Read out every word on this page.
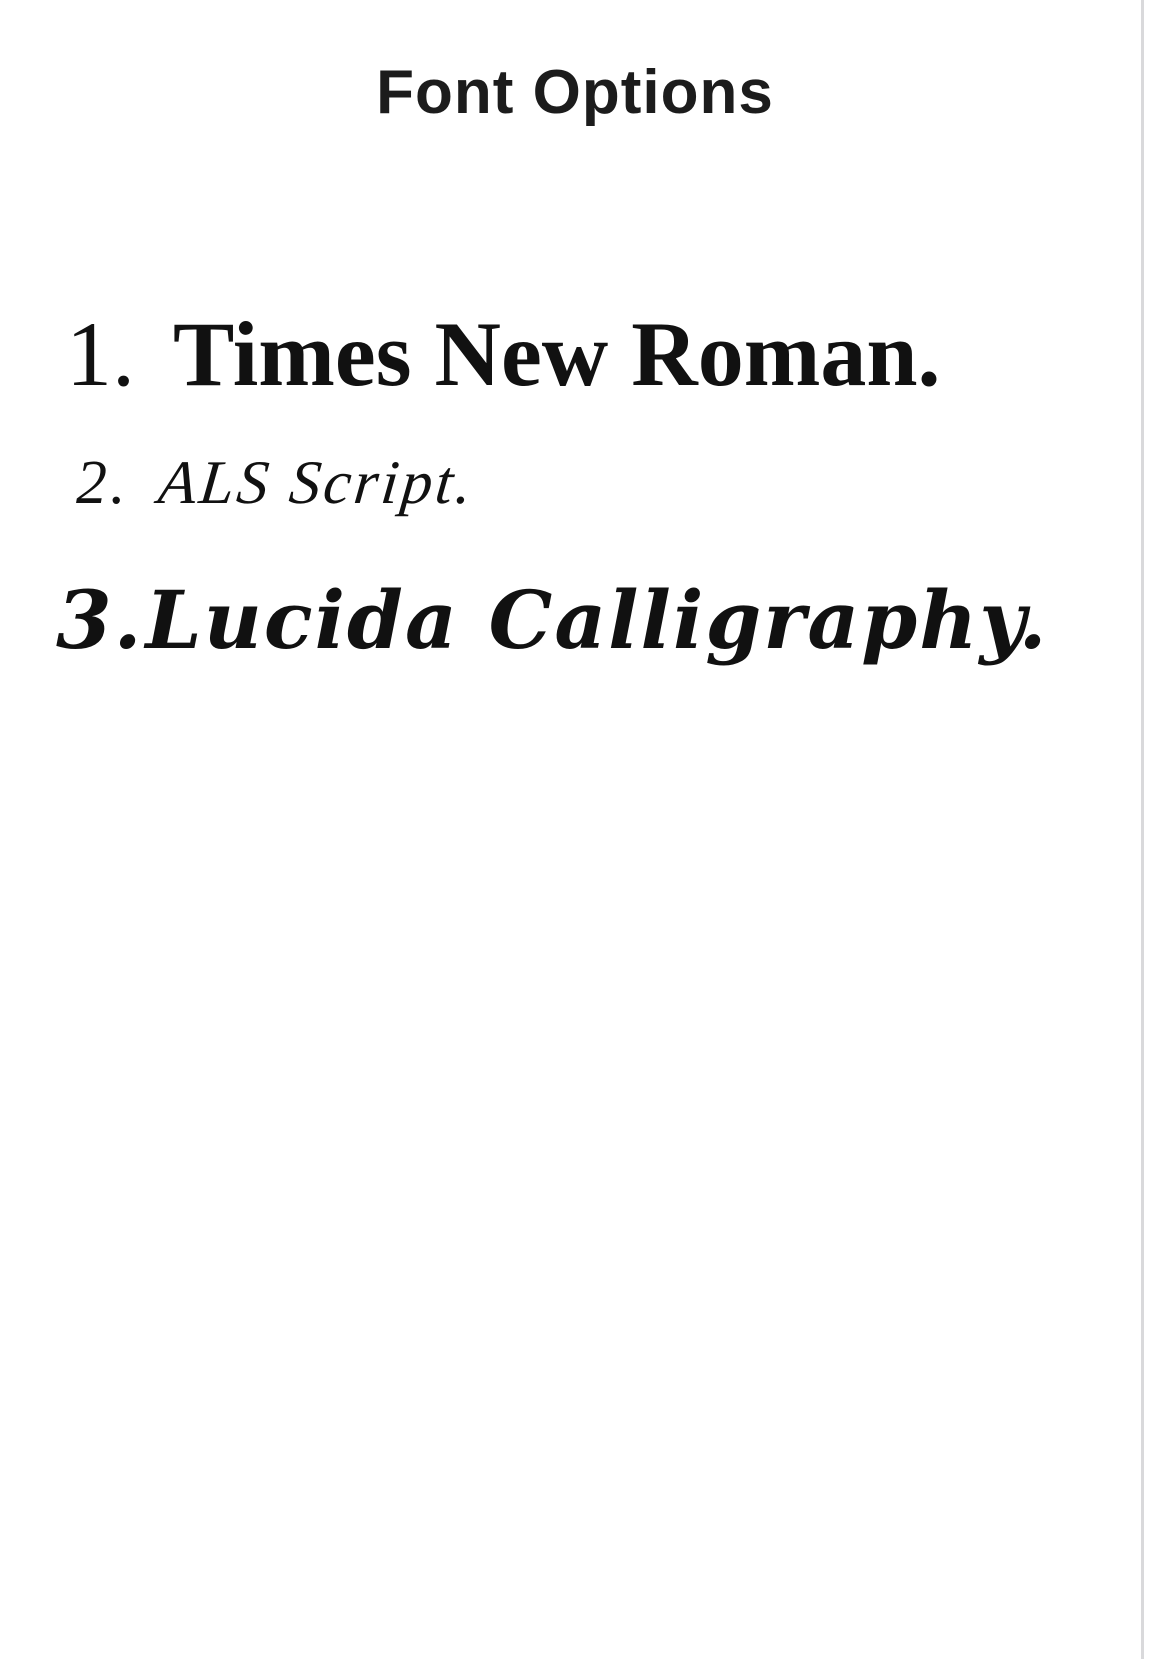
Font Options
1. Times New Roman.
2. ALS Script.
3.Lucida Calligraphy.
